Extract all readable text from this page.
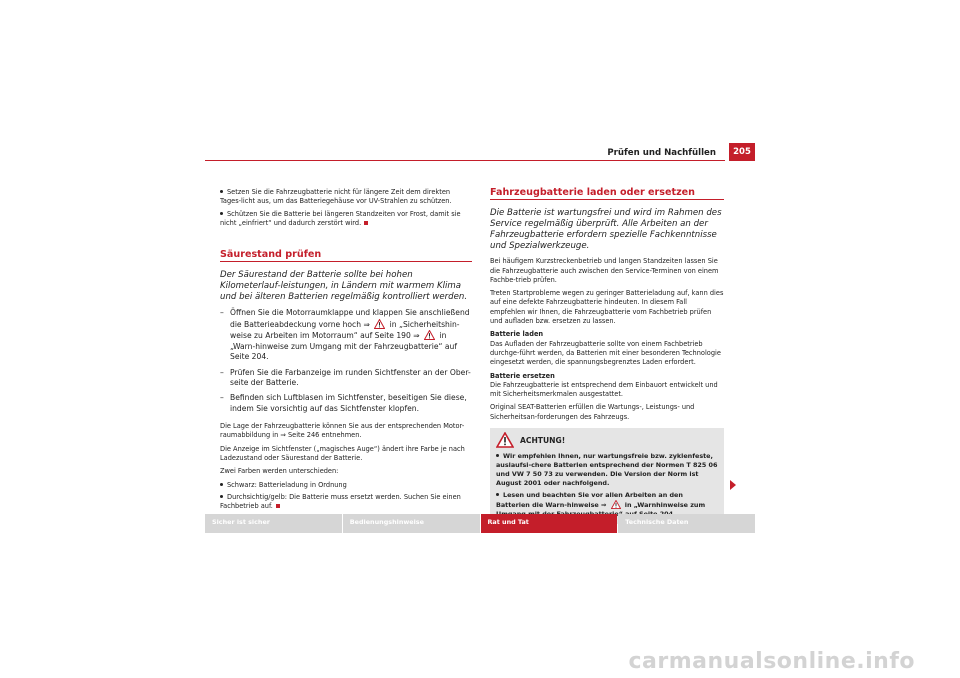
Prüfen und Nachfüllen	205

Setzen Sie die Fahrzeugbatterie nicht für längere Zeit dem direkten Tages-licht aus, um das Batteriegehäuse vor UV-Strahlen zu schützen.

Schützen Sie die Batterie bei längeren Standzeiten vor Frost, damit sie nicht „einfriert“ und dadurch zerstört wird.

Säurestand prüfen

Der Säurestand der Batterie sollte bei hohen Kilometerlauf-leistungen, in Ländern mit warmem Klima und bei älteren Batterien regelmäßig kontrolliert werden.

– Öffnen Sie die Motorraumklappe und klappen Sie anschließend die Batterieabdeckung vorne hoch ⇒	in „Sicherheitshin-weise zu Arbeiten im Motorraum“ auf Seite 190 ⇒	in „Warn-hinweise zum Umgang mit der Fahrzeugbatterie“ auf Seite 204.
– Prüfen Sie die Farbanzeige im runden Sichtfenster an der Ober-seite der Batterie.
– Befinden sich Luftblasen im Sichtfenster, beseitigen Sie diese, indem Sie vorsichtig auf das Sichtfenster klopfen.

Die Lage der Fahrzeugbatterie können Sie aus der entsprechenden Motor-raumabbildung in ⇒ Seite 246 entnehmen.

Die Anzeige im Sichtfenster („magisches Auge“) ändert ihre Farbe je nach Ladezustand oder Säurestand der Batterie.

Zwei Farben werden unterschieden:

Schwarz: Batterieladung in Ordnung

Durchsichtig/gelb: Die Batterie muss ersetzt werden. Suchen Sie einen Fachbetrieb auf.

Fahrzeugbatterie laden oder ersetzen

Die Batterie ist wartungsfrei und wird im Rahmen des Service regelmäßig überprüft. Alle Arbeiten an der Fahrzeugbatterie erfordern spezielle Fachkenntnisse und Spezialwerkzeuge.

Bei häufigem Kurzstreckenbetrieb und langen Standzeiten lassen Sie die Fahrzeugbatterie auch zwischen den Service-Terminen von einem Fachbe-trieb prüfen.

Treten Startprobleme wegen zu geringer Batterieladung auf, kann dies auf eine defekte Fahrzeugbatterie hindeuten. In diesem Fall empfehlen wir Ihnen, die Fahrzeugbatterie vom Fachbetrieb prüfen und aufladen bzw. ersetzen zu lassen.

Batterie laden

Das Aufladen der Fahrzeugbatterie sollte von einem Fachbetrieb durchge-führt werden, da Batterien mit einer besonderen Technologie eingesetzt werden, die spannungsbegrenztes Laden erfordert.

Batterie ersetzen

Die Fahrzeugbatterie ist entsprechend dem Einbauort entwickelt und mit Sicherheitsmerkmalen ausgestattet.

Original SEAT-Batterien erfüllen die Wartungs-, Leistungs- und Sicherheitsan-forderungen des Fahrzeugs.

ACHTUNG!

Wir empfehlen Ihnen, nur wartungsfreie bzw. zyklenfeste, auslaufsi-chere Batterien entsprechend der Normen T 825 06 und VW 7 50 73 zu verwenden. Die Version der Norm ist August 2001 oder nachfolgend.

Lesen und beachten Sie vor allen Arbeiten an den Batterien die Warn-hinweise ⇒	in „Warnhinweise zum

Sicher ist sicher	Bedienungshinweise	Rat und Tat	Technische Daten
carmanualsonline.info
